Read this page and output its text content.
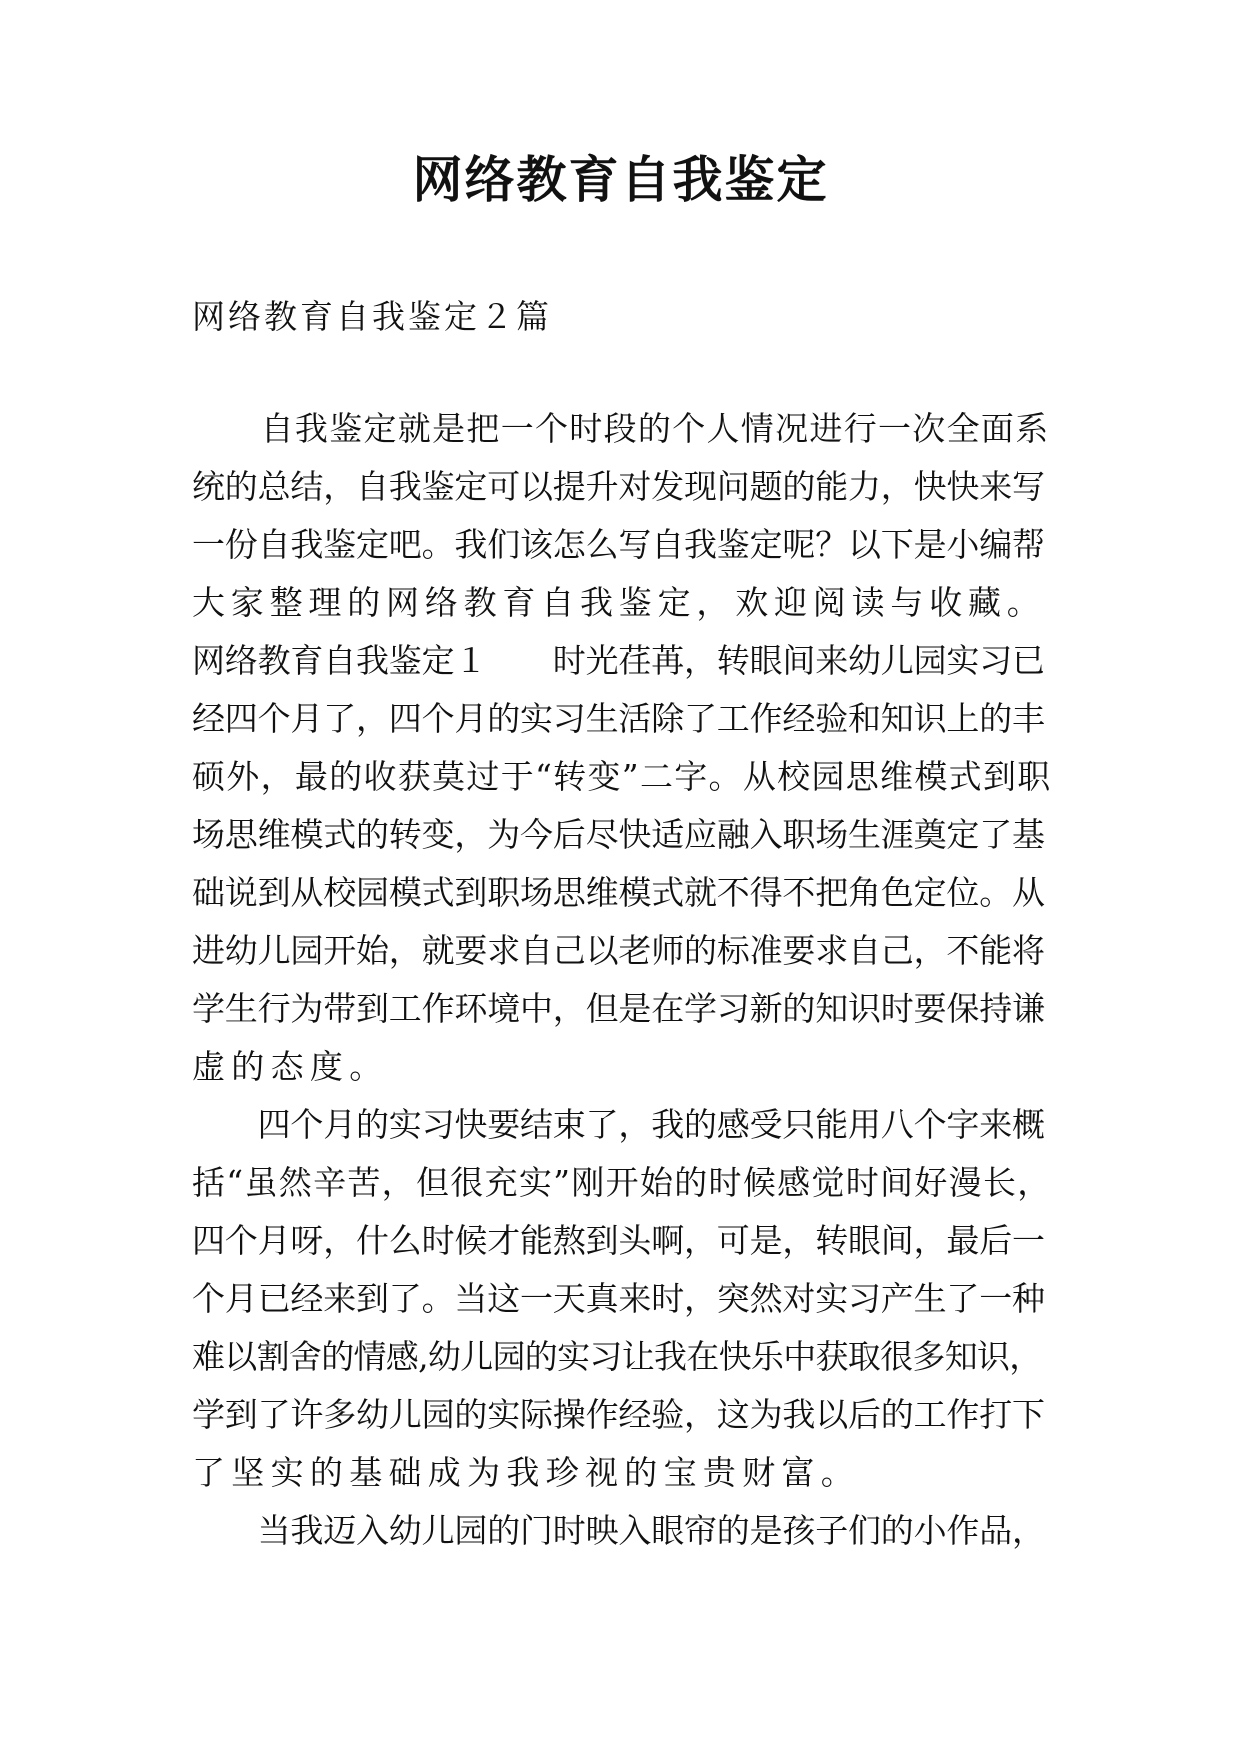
网络教育自我鉴定
网络教育自我鉴定２篇
　　自我鉴定就是把一个时段的个人情况进行一次全面系
统的总结，自我鉴定可以提升对发现问题的能力，快快来写
一份自我鉴定吧。我们该怎么写自我鉴定呢？以下是小编帮
大家整理的网络教育自我鉴定，欢迎阅读与收藏。
网络教育自我鉴定１　　时光荏苒，转眼间来幼儿园实习已
经四个月了，四个月的实习生活除了工作经验和知识上的丰
硕外，最的收获莫过于“转变”二字。从校园思维模式到职
场思维模式的转变，为今后尽快适应融入职场生涯奠定了基
础说到从校园模式到职场思维模式就不得不把角色定位。从
进幼儿园开始，就要求自己以老师的标准要求自己，不能将
学生行为带到工作环境中，但是在学习新的知识时要保持谦
虚的态度。
　　四个月的实习快要结束了，我的感受只能用八个字来概
括“虽然辛苦，但很充实”刚开始的时候感觉时间好漫长，
四个月呀，什么时候才能熬到头啊，可是，转眼间，最后一
个月已经来到了。当这一天真来时，突然对实习产生了一种
难以割舍的情感,幼儿园的实习让我在快乐中获取很多知识，
学到了许多幼儿园的实际操作经验，这为我以后的工作打下
了坚实的基础成为我珍视的宝贵财富。
　　当我迈入幼儿园的门时映入眼帘的是孩子们的小作品，
